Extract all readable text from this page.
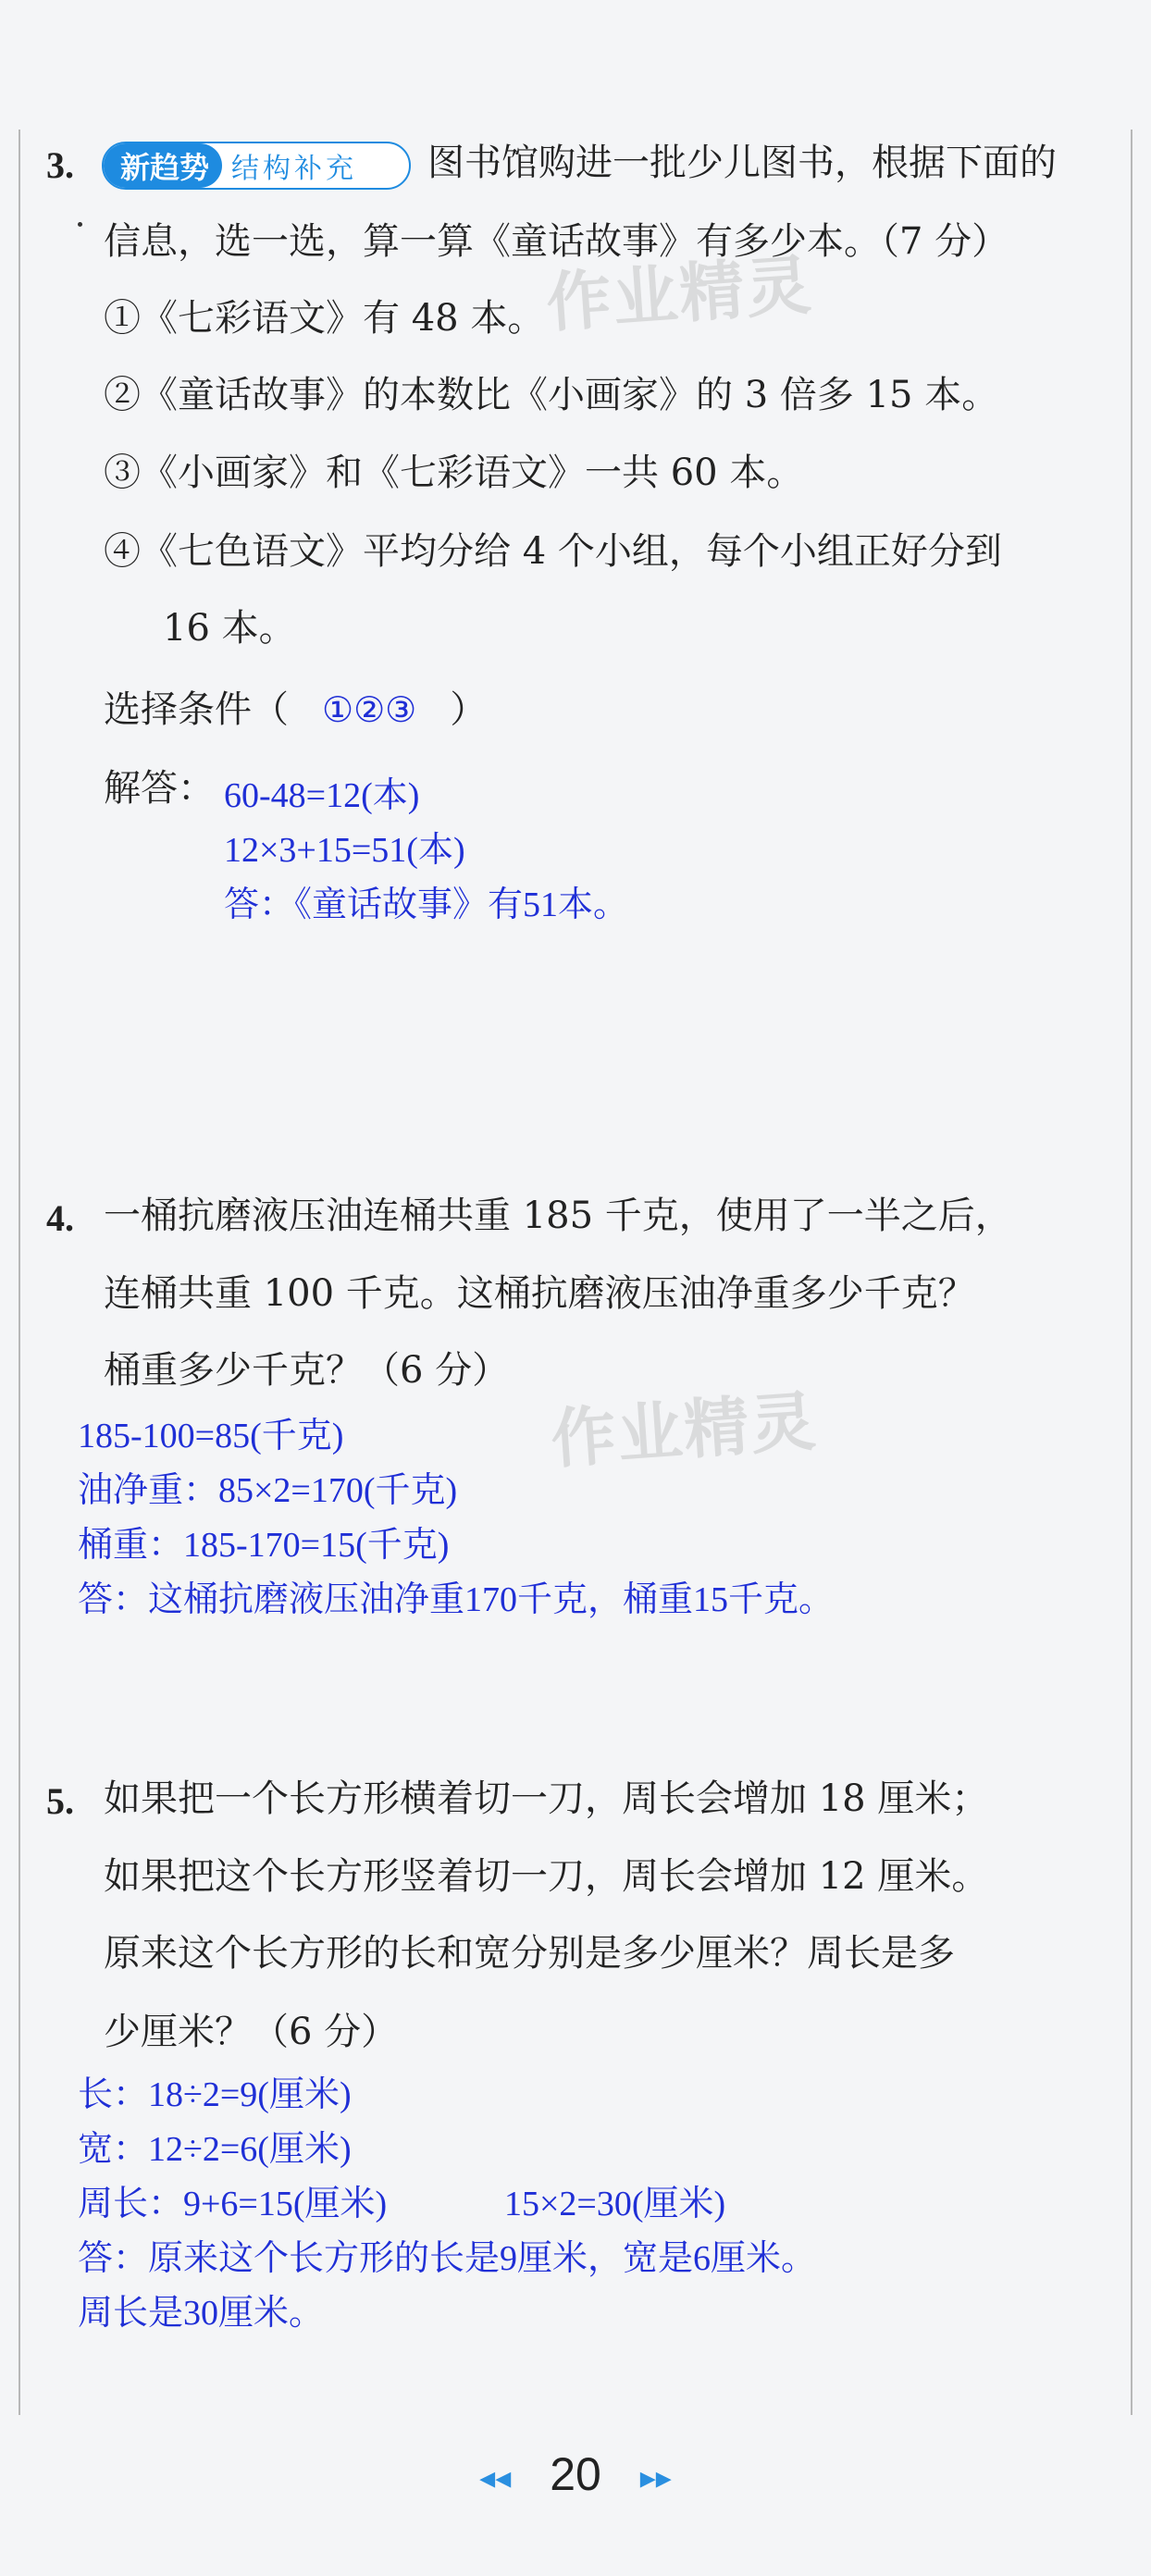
3.	新趋势 结构补充 图书馆购进一批少儿图书，根据下面的
信息，选一选，算一算《童话故事》有多少本。（7 分）
作业精灵
①《七彩语文》有 48 本。
②《童话故事》的本数比《小画家》的 3 倍多 15 本。
③《小画家》和《七彩语文》一共 60 本。
④《七色语文》平均分给 4 个小组，每个小组正好分到
16 本。
选择条件（ ①②③ ）
解答： 60-48=12(本)
12×3+15=51(本)
答：《童话故事》有51本。
4. 一桶抗磨液压油连桶共重 185 千克，使用了一半之后，
连桶共重 100 千克。这桶抗磨液压油净重多少千克？
桶重多少千克？（6 分）
作业精灵
185-100=85(千克)
油净重：85×2=170(千克)
桶重：185-170=15(千克)
答：这桶抗磨液压油净重170千克，桶重15千克。
5. 如果把一个长方形横着切一刀，周长会增加 18 厘米；
如果把这个长方形竖着切一刀，周长会增加 12 厘米。
原来这个长方形的长和宽分别是多少厘米？周长是多
少厘米？（6 分）
长：18÷2=9(厘米)
宽：12÷2=6(厘米)
周长：9+6=15(厘米)	15×2=30(厘米)
答：原来这个长方形的长是9厘米，宽是6厘米。
周长是30厘米。
◂◂ 20 ▸▸
